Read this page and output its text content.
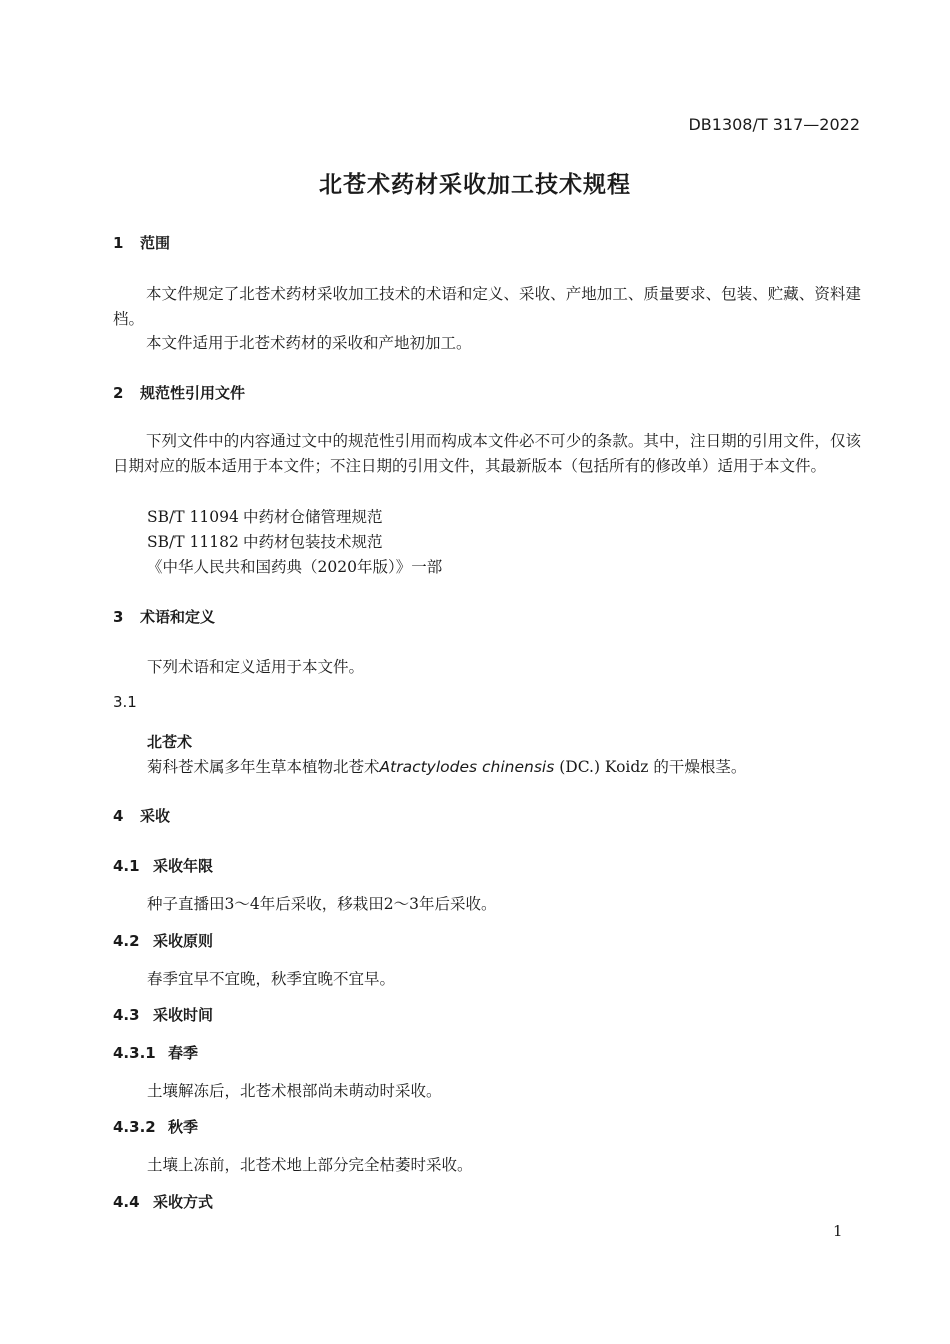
DB1308/T 317—2022
北苍术药材采收加工技术规程
1 范围
本文件规定了北苍术药材采收加工技术的术语和定义、采收、产地加工、质量要求、包装、贮藏、资料建档。
本文件适用于北苍术药材的采收和产地初加工。
2 规范性引用文件
下列文件中的内容通过文中的规范性引用而构成本文件必不可少的条款。其中，注日期的引用文件，仅该日期对应的版本适用于本文件；不注日期的引用文件，其最新版本（包括所有的修改单）适用于本文件。
SB/T 11094 中药材仓储管理规范
SB/T 11182 中药材包装技术规范
《中华人民共和国药典（2020年版）》一部
3 术语和定义
下列术语和定义适用于本文件。
3.1
北苍术
菊科苍术属多年生草本植物北苍术Atractylodes chinensis (DC.) Koidz 的干燥根茎。
4 采收
4.1 采收年限
种子直播田3～4年后采收，移栽田2～3年后采收。
4.2 采收原则
春季宜早不宜晚，秋季宜晚不宜早。
4.3 采收时间
4.3.1 春季
土壤解冻后，北苍术根部尚未萌动时采收。
4.3.2 秋季
土壤上冻前，北苍术地上部分完全枯萎时采收。
4.4 采收方式
1
